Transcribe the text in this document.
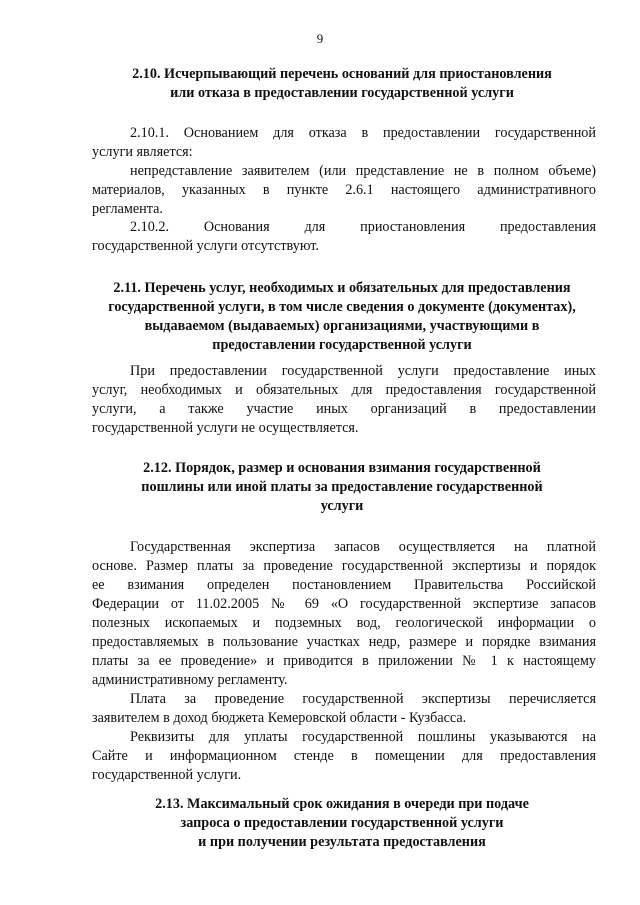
9
2.10. Исчерпывающий перечень оснований для приостановления
или отказа в предоставлении государственной услуги
2.10.1. Основанием для отказа в предоставлении государственной
услуги является:
непредставление заявителем (или представление не в полном объеме)
материалов, указанных в пункте 2.6.1 настоящего административного
регламента.
2.10.2. Основания для приостановления предоставления
государственной услуги отсутствуют.
2.11. Перечень услуг, необходимых и обязательных для предоставления
государственной услуги, в том числе сведения о документе (документах),
выдаваемом (выдаваемых) организациями, участвующими в
предоставлении государственной услуги
При предоставлении государственной услуги предоставление иных
услуг, необходимых и обязательных для предоставления государственной
услуги, а также участие иных организаций в предоставлении
государственной услуги не осуществляется.
2.12. Порядок, размер и основания взимания государственной
пошлины или иной платы за предоставление государственной
услуги
Государственная экспертиза запасов осуществляется на платной
основе. Размер платы за проведение государственной экспертизы и порядок
ее взимания определен постановлением Правительства Российской
Федерации от 11.02.2005 № 69 «О государственной экспертизе запасов
полезных ископаемых и подземных вод, геологической информации о
предоставляемых в пользование участках недр, размере и порядке взимания
платы за ее проведение» и приводится в приложении № 1 к настоящему
административному регламенту.
Плата за проведение государственной экспертизы перечисляется
заявителем в доход бюджета Кемеровской области - Кузбасса.
Реквизиты для уплаты государственной пошлины указываются на
Сайте и информационном стенде в помещении для предоставления
государственной услуги.
2.13. Максимальный срок ожидания в очереди при подаче
запроса о предоставлении государственной услуги
и при получении результата предоставления
